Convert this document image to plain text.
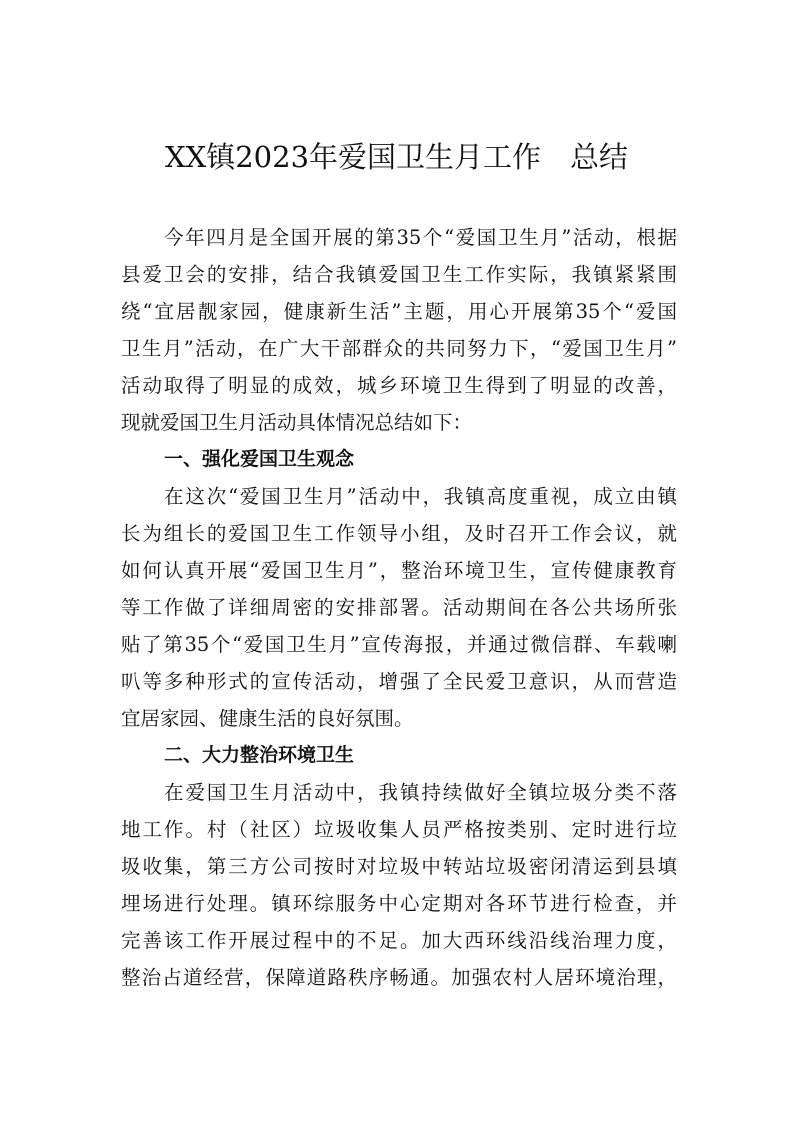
XX镇2023年爱国卫生月工作　总结
今年四月是全国开展的第35个“爱国卫生月”活动，根据
县爱卫会的安排，结合我镇爱国卫生工作实际，我镇紧紧围
绕“宜居靓家园，健康新生活”主题，用心开展第35个“爱国
卫生月”活动，在广大干部群众的共同努力下，“爱国卫生月”
活动取得了明显的成效，城乡环境卫生得到了明显的改善，
现就爱国卫生月活动具体情况总结如下：
一、强化爱国卫生观念
在这次“爱国卫生月”活动中，我镇高度重视，成立由镇
长为组长的爱国卫生工作领导小组，及时召开工作会议，就
如何认真开展“爱国卫生月”，整治环境卫生，宣传健康教育
等工作做了详细周密的安排部署。活动期间在各公共场所张
贴了第35个“爱国卫生月”宣传海报，并通过微信群、车载喇
叭等多种形式的宣传活动，增强了全民爱卫意识，从而营造
宜居家园、健康生活的良好氛围。
二、大力整治环境卫生
在爱国卫生月活动中，我镇持续做好全镇垃圾分类不落
地工作。村（社区）垃圾收集人员严格按类别、定时进行垃
圾收集，第三方公司按时对垃圾中转站垃圾密闭清运到县填
埋场进行处理。镇环综服务中心定期对各环节进行检查，并
完善该工作开展过程中的不足。加大西环线沿线治理力度，
整治占道经营，保障道路秩序畅通。加强农村人居环境治理，
